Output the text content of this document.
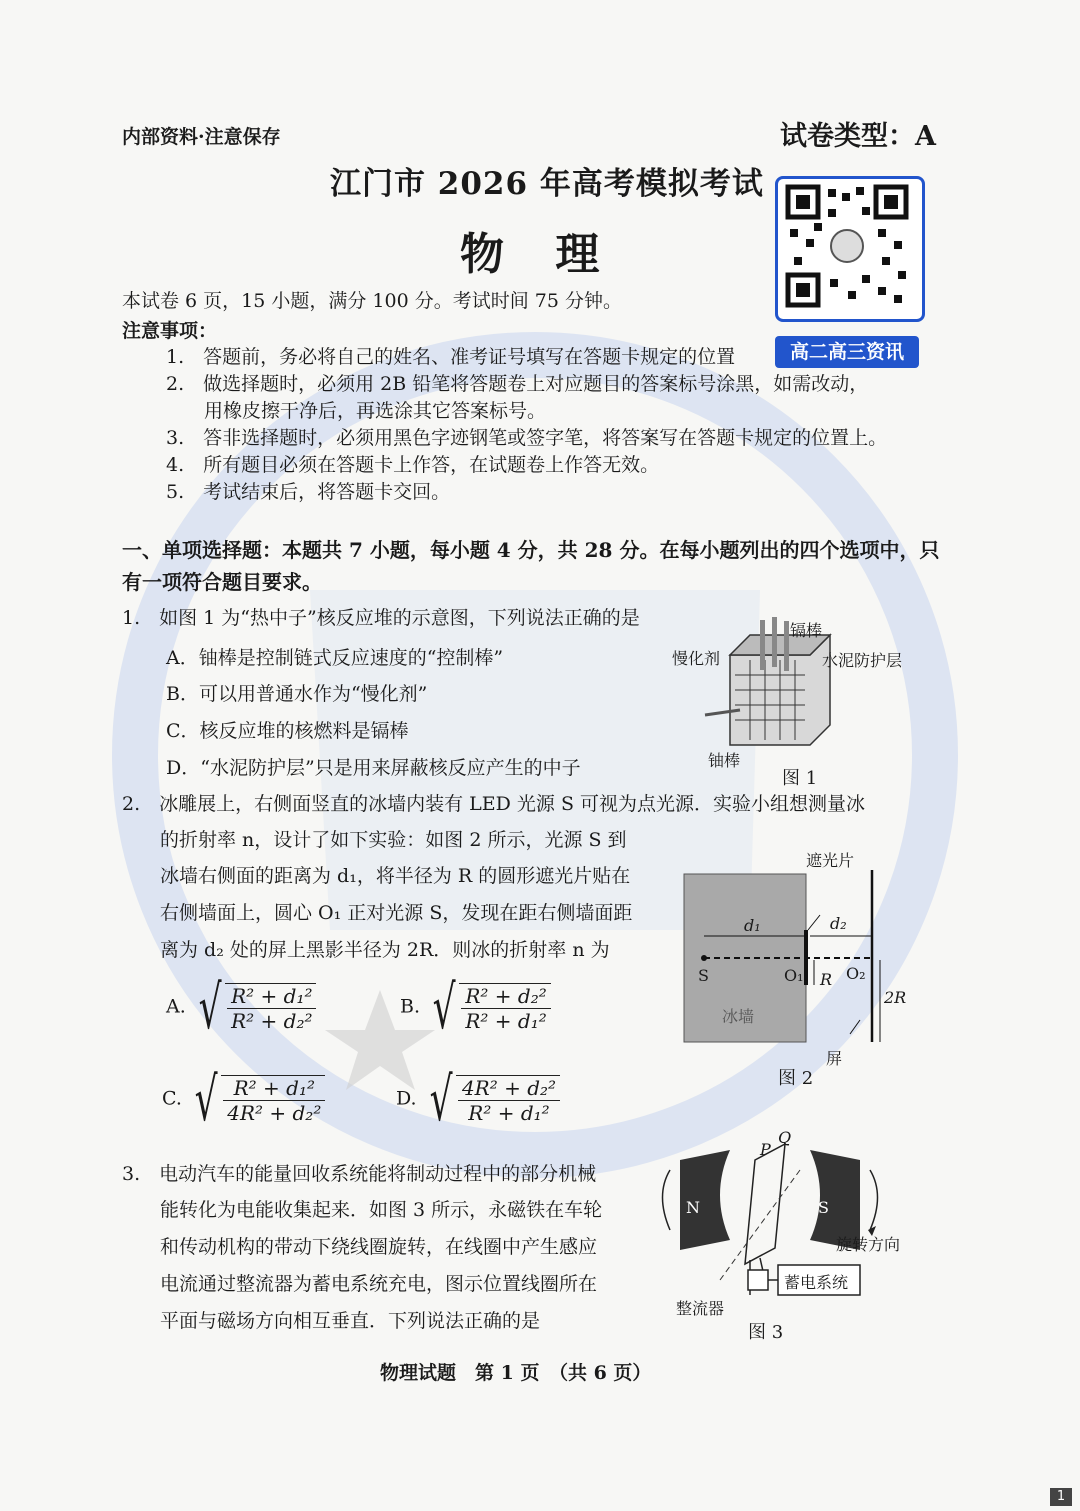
内部资料·注意保存	试卷类型：A
江门市 2026 年高考模拟考试
物 理
高二高三资讯
本试卷 6 页，15 小题，满分 100 分。考试时间 75 分钟。
注意事项：
1.　答题前，务必将自己的姓名、准考证号填写在答题卡规定的位置
2.　做选择题时，必须用 2B 铅笔将答题卷上对应题目的答案标号涂黑，如需改动，
　　用橡皮擦干净后，再选涂其它答案标号。
3.　答非选择题时，必须用黑色字迹钢笔或签字笔，将答案写在答题卡规定的位置上。
4.　所有题目必须在答题卡上作答，在试题卷上作答无效。
5.　考试结束后，将答题卡交回。
一、单项选择题：本题共 7 小题，每小题 4 分，共 28 分。在每小题列出的四个选项中，只有一项符合题目要求。
1.　如图 1 为“热中子”核反应堆的示意图，下列说法正确的是
A．铀棒是控制链式反应速度的“控制棒”
B．可以用普通水作为“慢化剂”
C．核反应堆的核燃料是镉棒
D．“水泥防护层”只是用来屏蔽核反应产生的中子
镉棒
慢化剂	水泥防护层
铀棒
图 1
2.　冰雕展上，右侧面竖直的冰墙内装有 LED 光源 S 可视为点光源．实验小组想测量冰
的折射率 n，设计了如下实验：如图 2 所示，光源 S 到
冰墙右侧面的距离为 d₁，将半径为 R 的圆形遮光片贴在
右侧墙面上，圆心 O₁ 正对光源 S，发现在距右侧墙面距
离为 d₂ 处的屏上黑影半径为 2R．则冰的折射率 n 为
A. √ $\frac{\text{R² + d₁²}}{\text{R² + d₂²}}$	B. √ $\frac{\text{R² + d₂²}}{\text{R² + d₁²}}$
C. √ $\frac{\text{R² + d₁²}}{\text{4R² + d₂²}}$	D. √ $\frac{\text{4R² + d₂²}}{\text{R² + d₁²}}$
遮光片
d₁	d₂
S	O₁	O₂
R
2R
冰墙
屏
图 2
3.　电动汽车的能量回收系统能将制动过程中的部分机械
能转化为电能收集起来．如图 3 所示，永磁铁在车轮
和传动机构的带动下绕线圈旋转，在线圈中产生感应
电流通过整流器为蓄电系统充电，图示位置线圈所在
平面与磁场方向相互垂直．下列说法正确的是
P
Q
N	S
旋转方向
蓄电系统
整流器
图 3
物理试题　第 1 页　（共 6 页）
1
